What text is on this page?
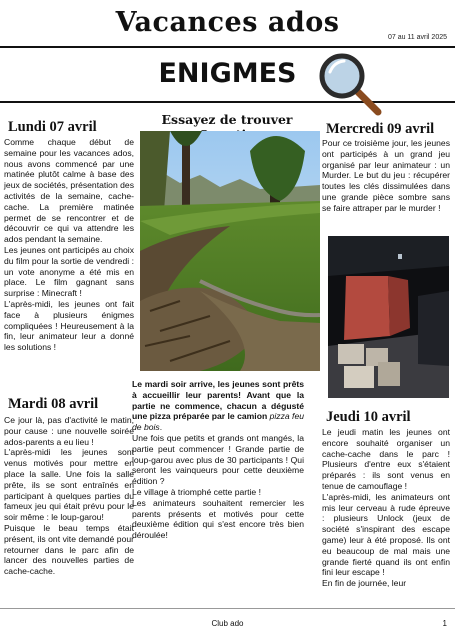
Vacances ados	07 au 11 avril 2025
ENIGMES
Essayez de trouver
Lundi 07 avril

Comme chaque début de semaine pour les vacances ados, nous avons commencé par une matinée plutôt calme à base des jeux de sociétés, présentation des activités de la semaine, cache-cache. La première matinée permet de se rencontrer et de découvrir ce qui va attendre les ados pendant la semaine.

Les jeunes ont participés au choix du film pour la sortie de vendredi : un vote anonyme a été mis en place. Le film gagnant sans surprise : Minecraft !

L'après-midi, les jeunes ont fait face à plusieurs énigmes compliquées ! Heureusement à la fin, leur animateur leur a donné les solutions !

Mardi 08 avril

Ce jour là, pas d'activité le matin, pour cause : une nouvelle soirée ados-parents a eu lieu !

L'après-midi les jeunes sont venus motivés pour mettre en place la salle. Une fois la salle prête, ils se sont entraînés en participant à quelques parties du fameux jeu qui était prévu pour le soir même : le loup-garou!

Puisque le beau temps était présent, ils ont vite demandé pour retourner dans le parc afin de lancer des nouvelles parties de cache-cache.

Le mardi soir arrive, les jeunes sont prêts à accueillir leur parents! Avant que la partie ne commence, chacun a dégusté une pizza préparée par le camion pizza feu de bois.

Une fois que petits et grands ont mangés, la partie peut commencer ! Grande partie de loup-garou avec plus de 30 participants ! Qui seront les vainqueurs pour cette deuxième édition ?

Le village à triomphé cette partie !

Les animateurs souhaitent remercier les parents présents et motivés pour cette deuxième édition qui s'est encore très bien déroulée!

Mercredi 09 avril

Pour ce troisième jour, les jeunes ont participés à un grand jeu organisé par leur animateur : un Murder. Le but du jeu : récupérer toutes les clés dissimulées dans une grande pièce sombre sans se faire attraper par le murder !

Jeudi 10 avril

Le jeudi matin les jeunes ont encore souhaité organiser un cache-cache dans le parc ! Plusieurs d'entre eux s'étaient préparés : ils sont venus en tenue de camouflage !

L'après-midi, les animateurs ont mis leur cerveau à rude épreuve : plusieurs Unlock (jeux de société s'inspirant des escape game) leur à été proposé. Ils ont eu beaucoup de mal mais une grande fierté quand ils ont enfin fini leur escape !

En fin de journée, leur

Club ado	1
